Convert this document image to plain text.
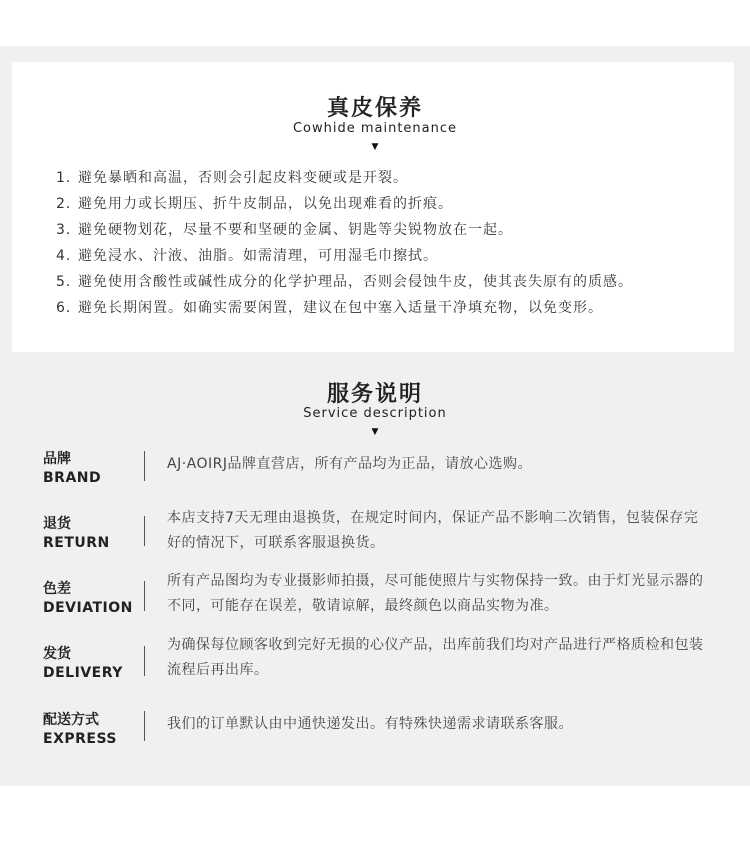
真皮保养
Cowhide maintenance
▼
1. 避免暴晒和高温，否则会引起皮料变硬或是开裂。
2. 避免用力或长期压、折牛皮制品，以免出现难看的折痕。
3. 避免硬物划花，尽量不要和坚硬的金属、钥匙等尖锐物放在一起。
4. 避免浸水、汁液、油脂。如需清理，可用湿毛巾擦拭。
5. 避免使用含酸性或碱性成分的化学护理品，否则会侵蚀牛皮，使其丧失原有的质感。
6. 避免长期闲置。如确实需要闲置，建议在包中塞入适量干净填充物，以免变形。
服务说明
Service description
▼
品牌
BRAND
AJ·AOIRJ品牌直营店，所有产品均为正品，请放心选购。
退货
RETURN
本店支持7天无理由退换货，在规定时间内，保证产品不影响二次销售，包装保存完好的情况下，可联系客服退换货。
色差
DEVIATION
所有产品图均为专业摄影师拍摄，尽可能使照片与实物保持一致。由于灯光显示器的不同，可能存在误差，敬请谅解，最终颜色以商品实物为准。
发货
DELIVERY
为确保每位顾客收到完好无损的心仪产品，出库前我们均对产品进行严格质检和包装流程后再出库。
配送方式
EXPRESS
我们的订单默认由中通快递发出。有特殊快递需求请联系客服。
